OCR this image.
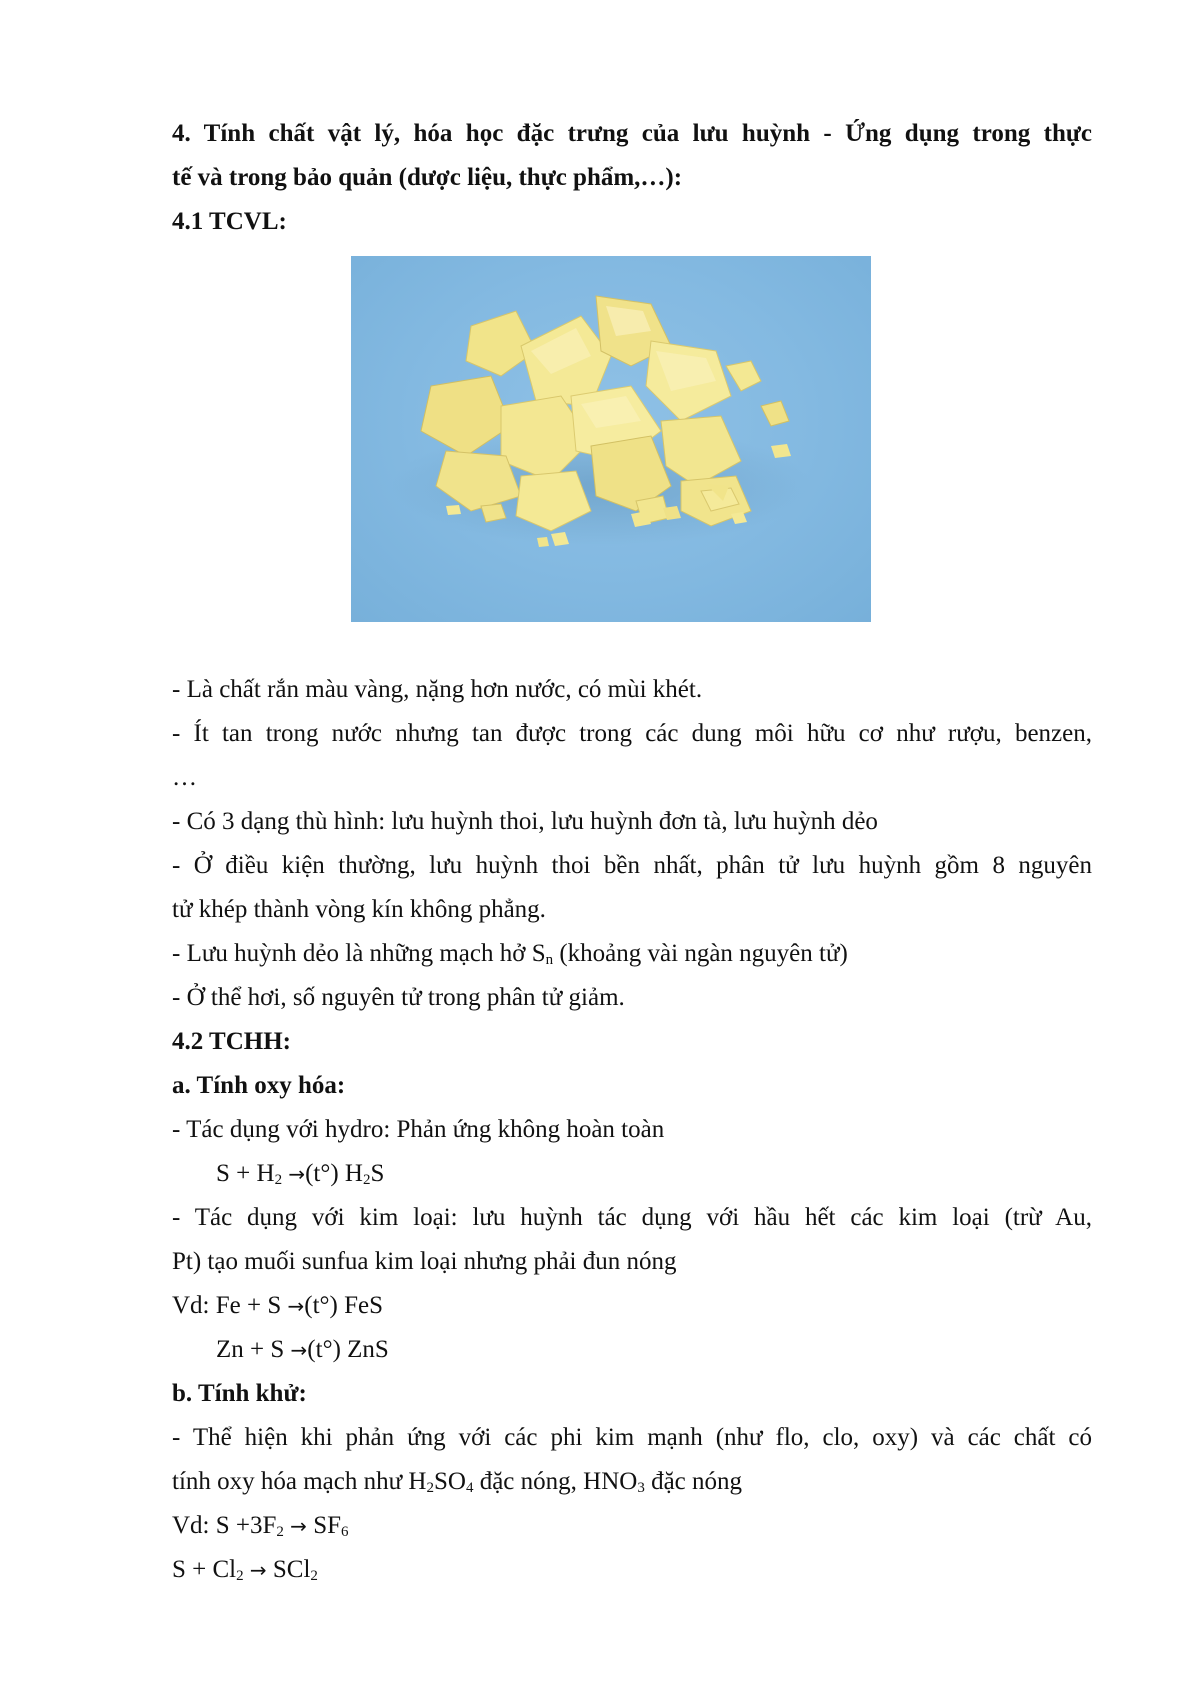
4. Tính chất vật lý, hóa học đặc trưng của lưu huỳnh - Ứng dụng trong thực
tế và trong bảo quản (dược liệu, thực phẩm,…):
4.1 TCVL:
- Là chất rắn màu vàng, nặng hơn nước, có mùi khét.
- Ít tan trong nước nhưng tan được trong các dung môi hữu cơ như rượu, benzen,
…
- Có 3 dạng thù hình: lưu huỳnh thoi, lưu huỳnh đơn tà, lưu huỳnh dẻo
- Ở điều kiện thường, lưu huỳnh thoi bền nhất, phân tử lưu huỳnh gồm 8 nguyên
tử khép thành vòng kín không phẳng.
- Lưu huỳnh dẻo là những mạch hở $S_n$ (khoảng vài ngàn nguyên tử)
- Ở thể hơi, số nguyên tử trong phân tử giảm.
4.2 TCHH:
a. Tính oxy hóa:
- Tác dụng với hydro: Phản ứng không hoàn toàn
$S + H_2 \to(t^\circ)$ $H_2S$
- Tác dụng với kim loại: lưu huỳnh tác dụng với hầu hết các kim loại (trừ Au,
Pt) tạo muối sunfua kim loại nhưng phải đun nóng
Vd: Fe + S →(t°) FeS
Zn + S →(t°) ZnS
b. Tính khử:
- Thể hiện khi phản ứng với các phi kim mạnh (như flo, clo, oxy) và các chất có
tính oxy hóa mạch như $H_2SO_4$ đặc nóng, $HNO_3$ đặc nóng
Vd: $S +3F_2 \to SF_6$
$S + Cl_2 \to SCl_2$
